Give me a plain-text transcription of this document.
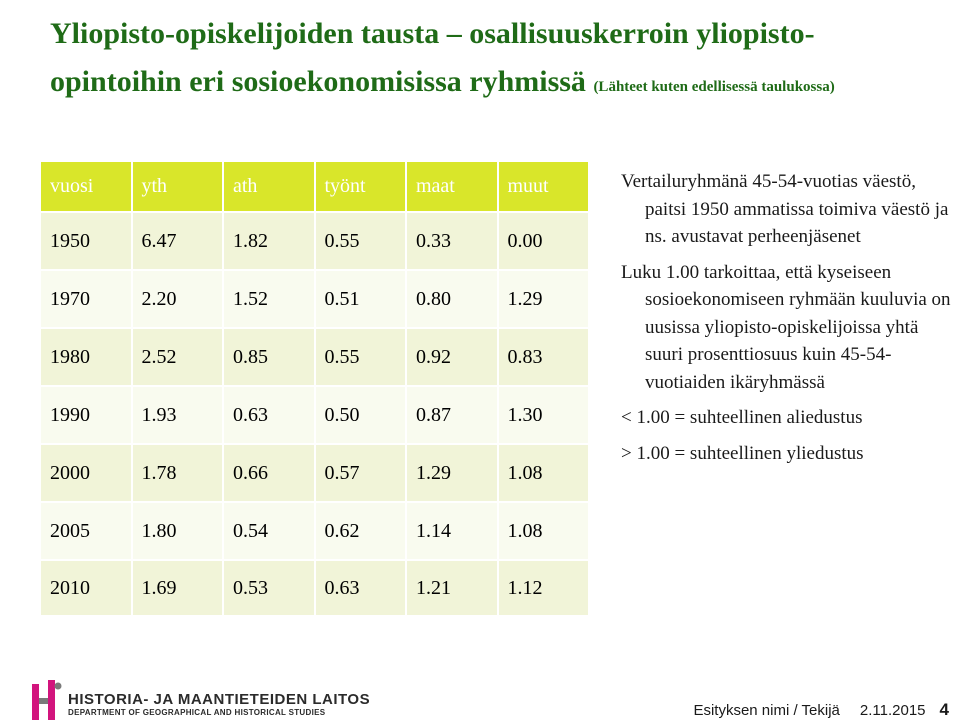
Yliopisto-opiskelijoiden tausta – osallisuuskerroin yliopisto-opintoihin eri sosioekonomisissa ryhmissä (Lähteet kuten edellisessä taulukossa)
vuosi	yth	ath	työnt	maat	muut
1950	6.47	1.82	0.55	0.33	0.00
1970	2.20	1.52	0.51	0.80	1.29
1980	2.52	0.85	0.55	0.92	0.83
1990	1.93	0.63	0.50	0.87	1.30
2000	1.78	0.66	0.57	1.29	1.08
2005	1.80	0.54	0.62	1.14	1.08
2010	1.69	0.53	0.63	1.21	1.12

Vertailuryhmänä 45-54-vuotias väestö, paitsi 1950 ammatissa toimiva väestö ja ns. avustavat perheenjäsenet

Luku 1.00 tarkoittaa, että kyseiseen sosioekonomiseen ryhmään kuuluvia on uusissa yliopisto-opiskelijoissa yhtä suuri prosenttiosuus kuin 45-54-vuotiaiden ikäryhmässä

< 1.00 = suhteellinen aliedustus

> 1.00 = suhteellinen yliedustus

HISTORIA- JA MAANTIETEIDEN LAITOS
DEPARTMENT OF GEOGRAPHICAL AND HISTORICAL STUDIES	Esityksen nimi / Tekijä 2.11.2015 4
